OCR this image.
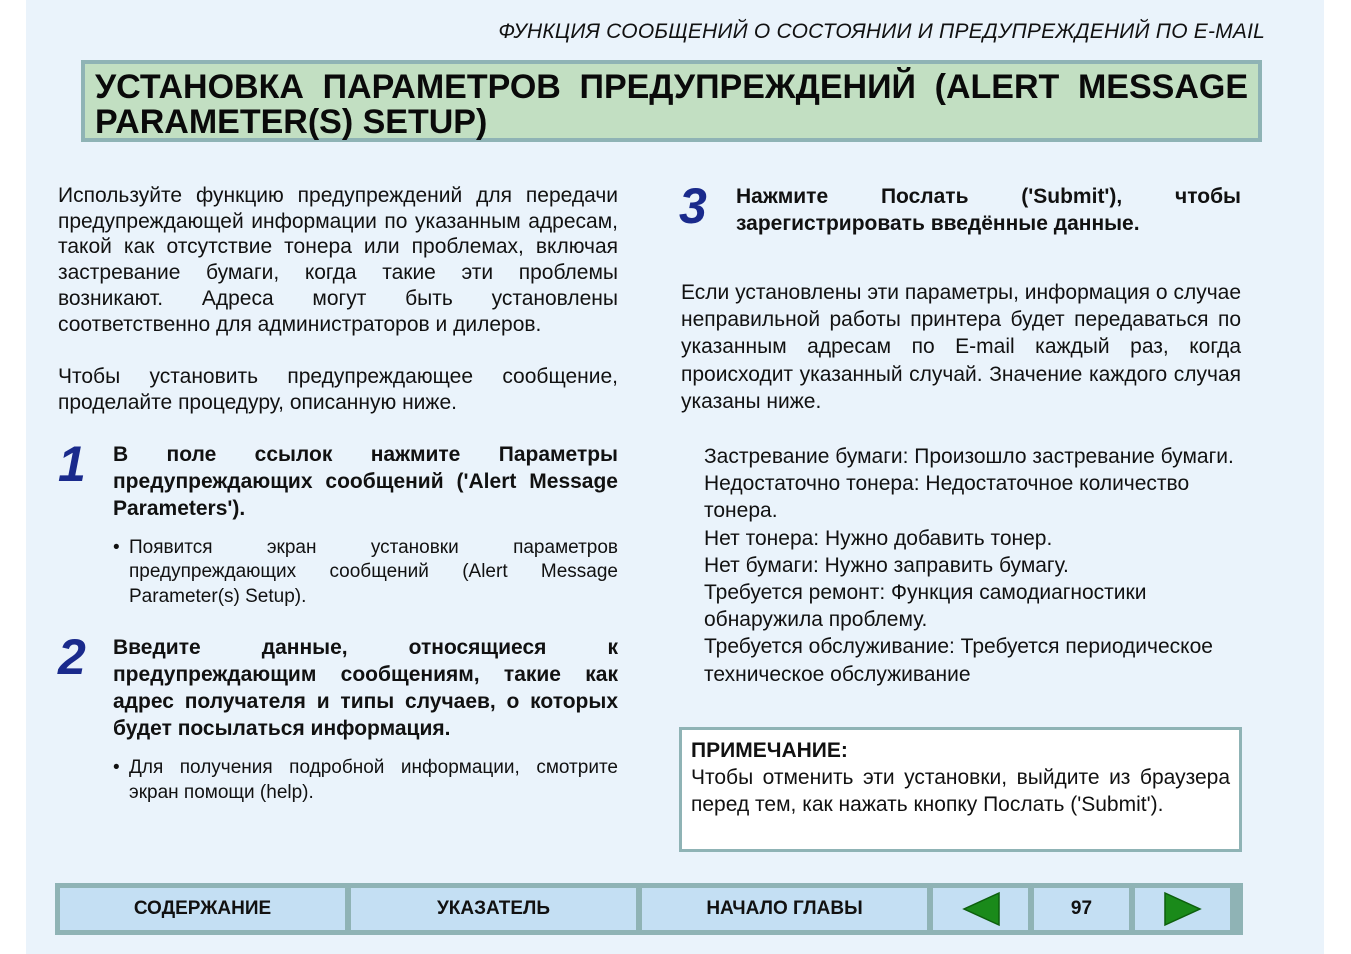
ФУНКЦИЯ СООБЩЕНИЙ О СОСТОЯНИИ И ПРЕДУПРЕЖДЕНИЙ ПО E-MAIL
УСТАНОВКА ПАРАМЕТРОВ ПРЕДУПРЕЖДЕНИЙ (ALERT MESSAGE PARAMETER(S) SETUP)

Используйте функцию предупреждений для передачи предупреждающей информации по указанным адресам, такой как отсутствие тонера или проблемах, включая застревание бумаги, когда такие эти проблемы возникают. Адреса могут быть установлены соответственно для администраторов и дилеров.

Чтобы установить предупреждающее сообщение, проделайте процедуру, описанную ниже.

1 В поле ссылок нажмите Параметры предупреждающих сообщений ('Alert Message Parameters').
• Появится экран установки параметров предупреждающих сообщений (Alert Message Parameter(s) Setup).
2 Введите данные, относящиеся к предупреждающим сообщениям, такие как адрес получателя и типы случаев, о которых будет посылаться информация.
• Для получения подробной информации, смотрите экран помощи (help).
3 Нажмите Послать ('Submit'), чтобы зарегистрировать введённые данные.

Если установлены эти параметры, информация о случае неправильной работы принтера будет передаваться по указанным адресам по E-mail каждый раз, когда происходит указанный случай. Значение каждого случая указаны ниже.

Застревание бумаги: Произошло застревание бумаги.
Недостаточно тонера: Недостаточное количество тонера.
Нет тонера: Нужно добавить тонер.
Нет бумаги: Нужно заправить бумагу.
Требуется ремонт: Функция самодиагностики обнаружила проблему.
Требуется обслуживание: Требуется периодическое техническое обслуживание
ПРИМЕЧАНИЕ:

Чтобы отменить эти установки, выйдите из браузера перед тем, как нажать кнопку Послать ('Submit').

СОДЕРЖАНИЕ	УКАЗАТЕЛЬ	НАЧАЛО ГЛАВЫ	97
